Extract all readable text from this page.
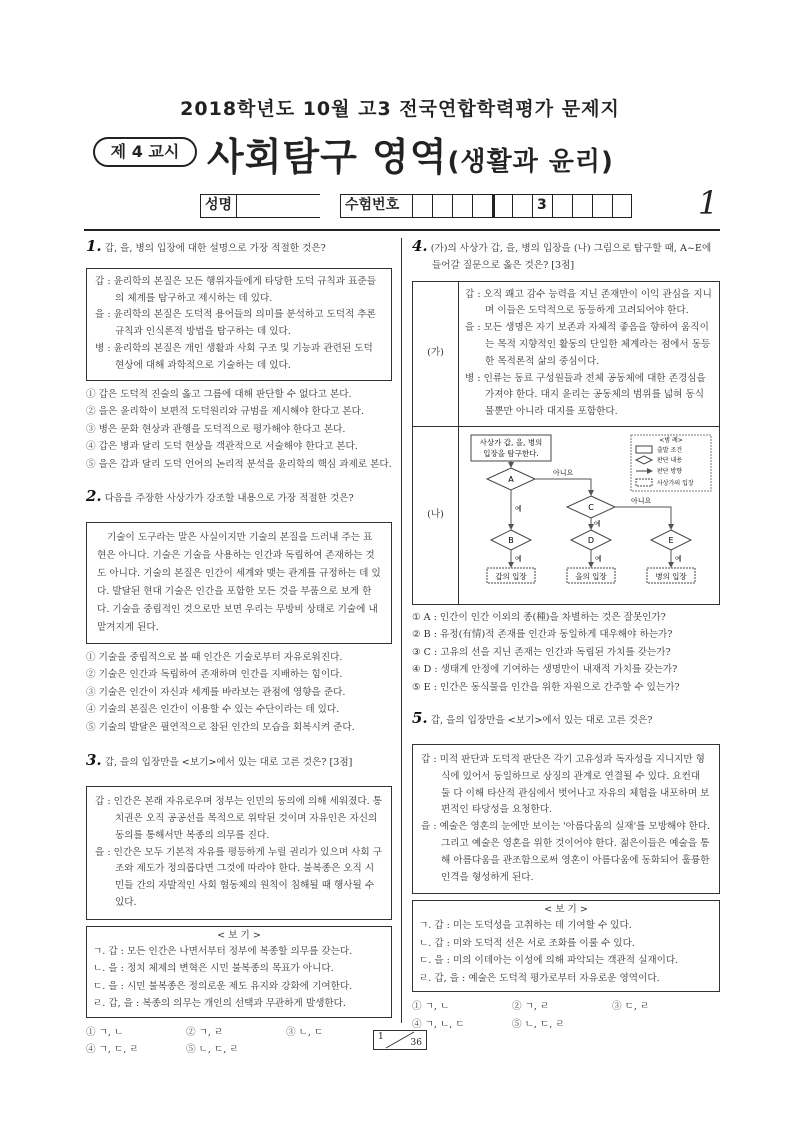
2018학년도 10월 고3 전국연합학력평가 문제지
제 4 교시 사회탐구 영역(생활과 윤리)
성명	수험번호	3	1
1. 갑, 을, 병의 입장에 대한 설명으로 가장 적절한 것은?
갑 : 윤리학의 본질은 모든 행위자들에게 타당한 도덕 규칙과 표준들의 체계를 탐구하고 제시하는 데 있다.
을 : 윤리학의 본질은 도덕적 용어들의 의미를 분석하고 도덕적 추론 규칙과 인식론적 방법을 탐구하는 데 있다.
병 : 윤리학의 본질은 개인 생활과 사회 구조 및 기능과 관련된 도덕 현상에 대해 과학적으로 기술하는 데 있다.
① 갑은 도덕적 진술의 옳고 그름에 대해 판단할 수 없다고 본다.
② 을은 윤리학이 보편적 도덕원리와 규범을 제시해야 한다고 본다.
③ 병은 문화 현상과 관행을 도덕적으로 평가해야 한다고 본다.
④ 갑은 병과 달리 도덕 현상을 객관적으로 서술해야 한다고 본다.
⑤ 을은 갑과 달리 도덕 언어의 논리적 분석을 윤리학의 핵심 과제로 본다.
2. 다음을 주장한 사상가가 강조할 내용으로 가장 적절한 것은?
기술이 도구라는 말은 사실이지만 기술의 본질을 드러내 주는 표현은 아니다. 기술은 기술을 사용하는 인간과 독립하여 존재하는 것도 아니다. 기술의 본질은 인간이 세계와 맺는 관계를 규정하는 데 있다. 발달된 현대 기술은 인간을 포함한 모든 것을 부품으로 보게 한다. 기술을 중립적인 것으로만 보면 우리는 무방비 상태로 기술에 내맡겨지게 된다.
① 기술을 중립적으로 볼 때 인간은 기술로부터 자유로워진다.
② 기술은 인간과 독립하여 존재하며 인간을 지배하는 힘이다.
③ 기술은 인간이 자신과 세계를 바라보는 관점에 영향을 준다.
④ 기술의 본질은 인간이 이용할 수 있는 수단이라는 데 있다.
⑤ 기술의 발달은 필연적으로 참된 인간의 모습을 회복시켜 준다.
3. 갑, 을의 입장만을 <보기>에서 있는 대로 고른 것은? [3점]
갑 : 인간은 본래 자유로우며 정부는 인민의 동의에 의해 세워졌다. 통치권은 오직 공공선을 목적으로 위탁된 것이며 자유인은 자신의 동의를 통해서만 복종의 의무를 진다.
을 : 인간은 모두 기본적 자유를 평등하게 누릴 권리가 있으며 사회 구조와 제도가 정의롭다면 그것에 따라야 한다. 불복종은 오직 시민들 간의 자발적인 사회 협동체의 원칙이 침해될 때 행사될 수 있다.
< 보 기 >
ㄱ. 갑 : 모든 인간은 나면서부터 정부에 복종할 의무를 갖는다.
ㄴ. 을 : 정치 체제의 변혁은 시민 불복종의 목표가 아니다.
ㄷ. 을 : 시민 불복종은 정의로운 제도 유지와 강화에 기여한다.
ㄹ. 갑, 을 : 복종의 의무는 개인의 선택과 무관하게 발생한다.
① ㄱ, ㄴ	② ㄱ, ㄹ	③ ㄴ, ㄷ
④ ㄱ, ㄷ, ㄹ	⑤ ㄴ, ㄷ, ㄹ
4. (가)의 사상가 갑, 을, 병의 입장을 (나) 그림으로 탐구할 때, A~E에 들어갈 질문으로 옳은 것은? [3점]
(가)
갑 : 오직 쾌고 감수 능력을 지닌 존재만이 이익 관심을 지니며 이들은 도덕적으로 동등하게 고려되어야 한다.
을 : 모든 생명은 자기 보존과 자체적 좋음을 향하여 움직이는 목적 지향적인 활동의 단일한 체계라는 점에서 동등한 목적론적 삶의 중심이다.
병 : 인류는 동료 구성원들과 전체 공동체에 대한 존경심을 가져야 한다. 대지 윤리는 공동체의 범위를 넓혀 동식물뿐만 아니라 대지를 포함한다.
(나)
사상가 갑, 을, 병의
입장을 탐구한다.
<범 례>
출발 조건
판단 내용
판단 방향
사상가의 입장
A
아니요
예	C
아니요
예
B	D	E
예	예	예
갑의 입장	을의 입장	병의 입장
① A : 인간이 인간 이외의 종(種)을 차별하는 것은 잘못인가?
② B : 유정(有情)적 존재를 인간과 동일하게 대우해야 하는가?
③ C : 고유의 선을 지닌 존재는 인간과 독립된 가치를 갖는가?
④ D : 생태계 안정에 기여하는 생명만이 내재적 가치를 갖는가?
⑤ E : 인간은 동식물을 인간을 위한 자원으로 간주할 수 있는가?
5. 갑, 을의 입장만을 <보기>에서 있는 대로 고른 것은?
갑 : 미적 판단과 도덕적 판단은 각기 고유성과 독자성을 지니지만 형식에 있어서 동일하므로 상징의 관계로 연결될 수 있다. 요컨대 둘 다 이해 타산적 관심에서 벗어나고 자유의 체험을 내포하며 보편적인 타당성을 요청한다.
을 : 예술은 영혼의 눈에만 보이는 '아름다움의 실재'를 모방해야 한다. 그리고 예술은 영혼을 위한 것이어야 한다. 젊은이들은 예술을 통해 아름다움을 관조함으로써 영혼이 아름다움에 동화되어 훌륭한 인격을 형성하게 된다.
< 보 기 >
ㄱ. 갑 : 미는 도덕성을 고취하는 데 기여할 수 있다.
ㄴ. 갑 : 미와 도덕적 선은 서로 조화를 이룰 수 있다.
ㄷ. 을 : 미의 이데아는 이성에 의해 파악되는 객관적 실재이다.
ㄹ. 갑, 을 : 예술은 도덕적 평가로부터 자유로운 영역이다.
① ㄱ, ㄴ	② ㄱ, ㄹ	③ ㄷ, ㄹ
④ ㄱ, ㄴ, ㄷ	⑤ ㄴ, ㄷ, ㄹ
1
36
